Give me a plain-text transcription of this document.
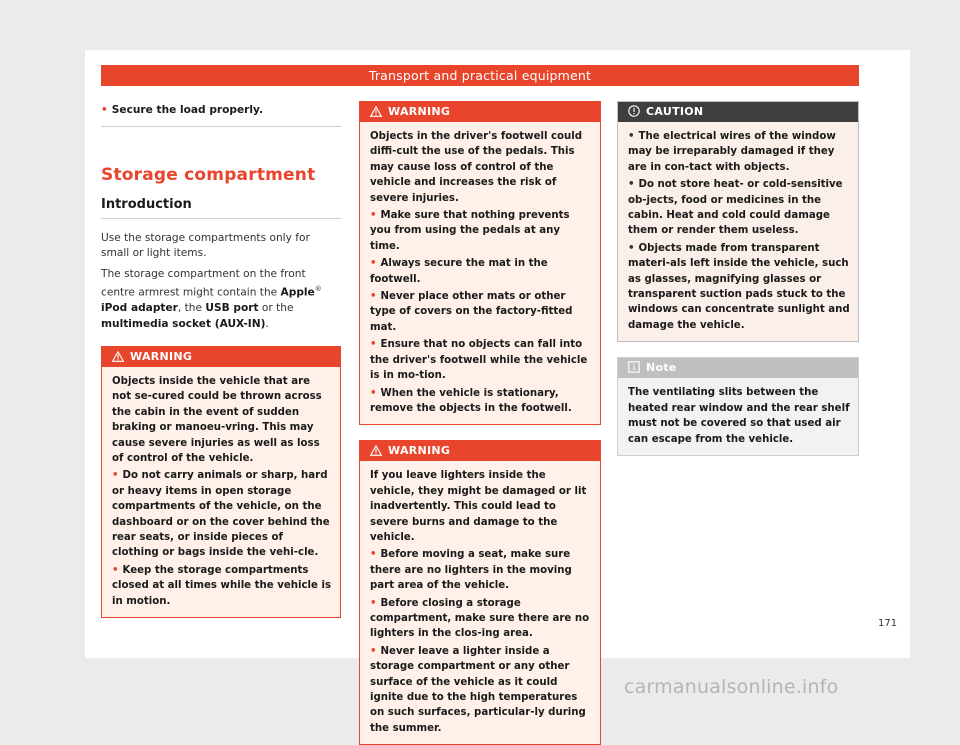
Transport and practical equipment
• Secure the load properly.
Storage compartment
Introduction

Use the storage compartments only for small or light items.

The storage compartment on the front centre armrest might contain the Apple® iPod adapter, the USB port or the multimedia socket (AUX-IN).

WARNING
Objects inside the vehicle that are not se-cured could be thrown across the cabin in the event of sudden braking or manoeu-vring. This may cause severe injuries as well as loss of control of the vehicle.
• Do not carry animals or sharp, hard or heavy items in open storage compartments of the vehicle, on the dashboard or on the cover behind the rear seats, or inside pieces of clothing or bags inside the vehi-cle.
• Keep the storage compartments closed at all times while the vehicle is in motion.
WARNING
Objects in the driver's footwell could diffi-cult the use of the pedals. This may cause loss of control of the vehicle and increases the risk of severe injuries.
• Make sure that nothing prevents you from using the pedals at any time.
• Always secure the mat in the footwell.
• Never place other mats or other type of covers on the factory-fitted mat.
• Ensure that no objects can fall into the driver's footwell while the vehicle is in mo-tion.
• When the vehicle is stationary, remove the objects in the footwell.
WARNING
If you leave lighters inside the vehicle, they might be damaged or lit inadvertently. This could lead to severe burns and damage to the vehicle.
• Before moving a seat, make sure there are no lighters in the moving part area of the vehicle.
• Before closing a storage compartment, make sure there are no lighters in the clos-ing area.
• Never leave a lighter inside a storage compartment or any other surface of the vehicle as it could ignite due to the high temperatures on such surfaces, particular-ly during the summer.
CAUTION
• The electrical wires of the window may be irreparably damaged if they are in con-tact with objects.
• Do not store heat- or cold-sensitive ob-jects, food or medicines in the cabin. Heat and cold could damage them or render them useless.
• Objects made from transparent materi-als left inside the vehicle, such as glasses, magnifying glasses or transparent suction pads stuck to the windows can concentrate sunlight and damage the vehicle.
Note
The ventilating slits between the heated rear window and the rear shelf must not be covered so that used air can escape from the vehicle.
171
carmanualsonline.info
